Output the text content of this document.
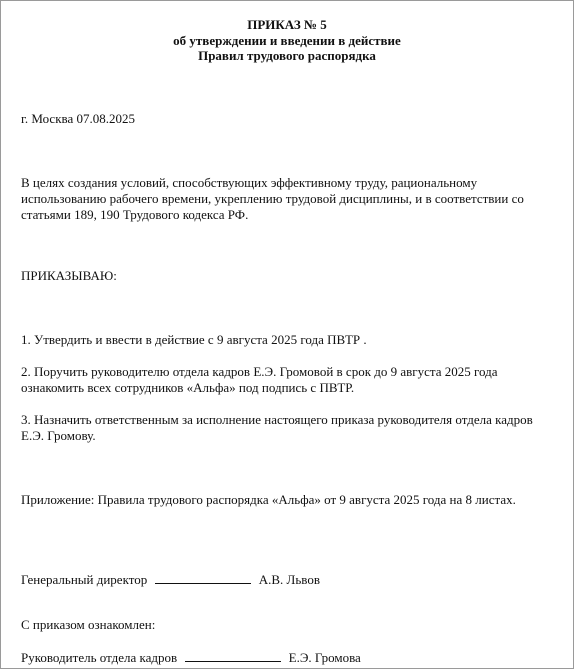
ПРИКАЗ № 5
об утверждении и введении в действие
Правил трудового распорядка
г. Москва 07.08.2025
В целях создания условий, способствующих эффективному труду, рациональному использованию рабочего времени, укреплению трудовой дисциплины, и в соответствии со статьями 189, 190 Трудового кодекса РФ.
ПРИКАЗЫВАЮ:
1. Утвердить и ввести в действие с 9 августа 2025 года ПВТР .
2. Поручить руководителю отдела кадров Е.Э. Громовой в срок до 9 августа 2025 года ознакомить всех сотрудников «Альфа» под подпись с ПВТР.
3. Назначить ответственным за исполнение настоящего приказа руководителя отдела кадров Е.Э. Громову.
Приложение: Правила трудового распорядка «Альфа» от 9 августа 2025 года на 8 листах.
Генеральный директор	А.В. Львов
С приказом ознакомлен:
Руководитель отдела кадров	Е.Э. Громова
